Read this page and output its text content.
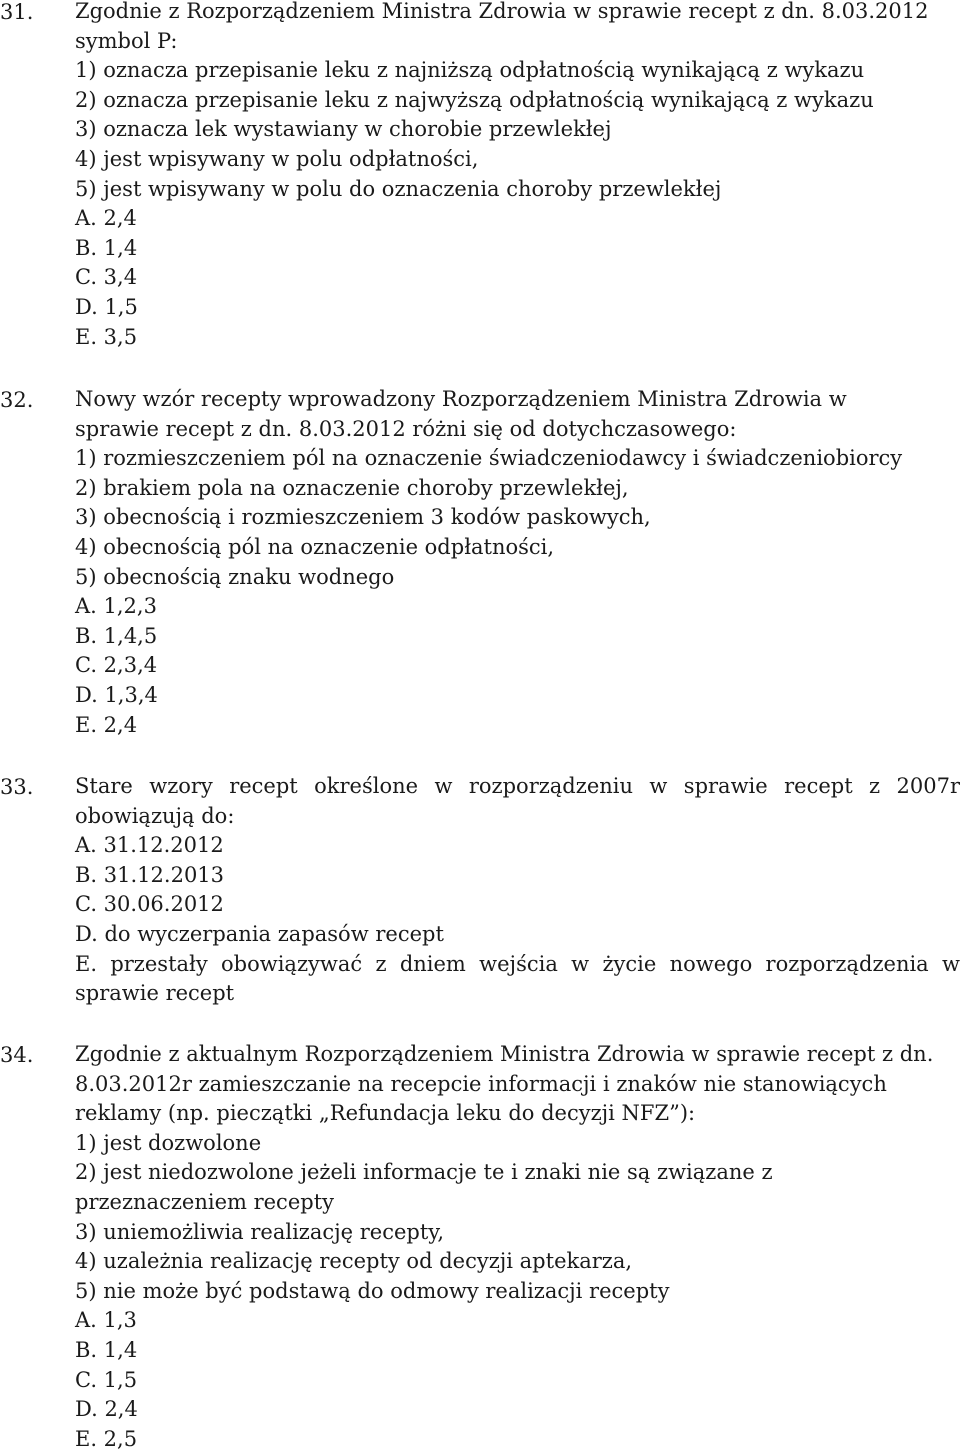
31. Zgodnie z Rozporządzeniem Ministra Zdrowia w sprawie recept z dn. 8.03.2012
symbol P:
1) oznacza przepisanie leku z najniższą odpłatnością wynikającą z wykazu
2) oznacza przepisanie leku z najwyższą odpłatnością wynikającą z wykazu
3) oznacza lek wystawiany w chorobie przewlekłej
4) jest wpisywany w polu odpłatności,
5) jest wpisywany w polu do oznaczenia choroby przewlekłej
A. 2,4
B. 1,4
C. 3,4
D. 1,5
E. 3,5
32. Nowy wzór recepty wprowadzony Rozporządzeniem Ministra Zdrowia w
sprawie recept z dn. 8.03.2012 różni się od dotychczasowego:
1) rozmieszczeniem pól na oznaczenie świadczeniodawcy i świadczeniobiorcy
2) brakiem pola na oznaczenie choroby przewlekłej,
3) obecnością i rozmieszczeniem 3 kodów paskowych,
4) obecnością pól na oznaczenie odpłatności,
5) obecnością znaku wodnego
A. 1,2,3
B. 1,4,5
C. 2,3,4
D. 1,3,4
E. 2,4
33. Stare wzory recept określone w rozporządzeniu w sprawie recept z 2007r
obowiązują do:
A. 31.12.2012
B. 31.12.2013
C. 30.06.2012
D. do wyczerpania zapasów recept
E. przestały obowiązywać z dniem wejścia w życie nowego rozporządzenia w
sprawie recept
34. Zgodnie z aktualnym Rozporządzeniem Ministra Zdrowia w sprawie recept z dn.
8.03.2012r zamieszczanie na recepcie informacji i znaków nie stanowiących
reklamy (np. pieczątki „Refundacja leku do decyzji NFZ”):
1) jest dozwolone
2) jest niedozwolone jeżeli informacje te i znaki nie są związane z
przeznaczeniem recepty
3) uniemożliwia realizację recepty,
4) uzależnia realizację recepty od decyzji aptekarza,
5) nie może być podstawą do odmowy realizacji recepty
A. 1,3
B. 1,4
C. 1,5
D. 2,4
E. 2,5
